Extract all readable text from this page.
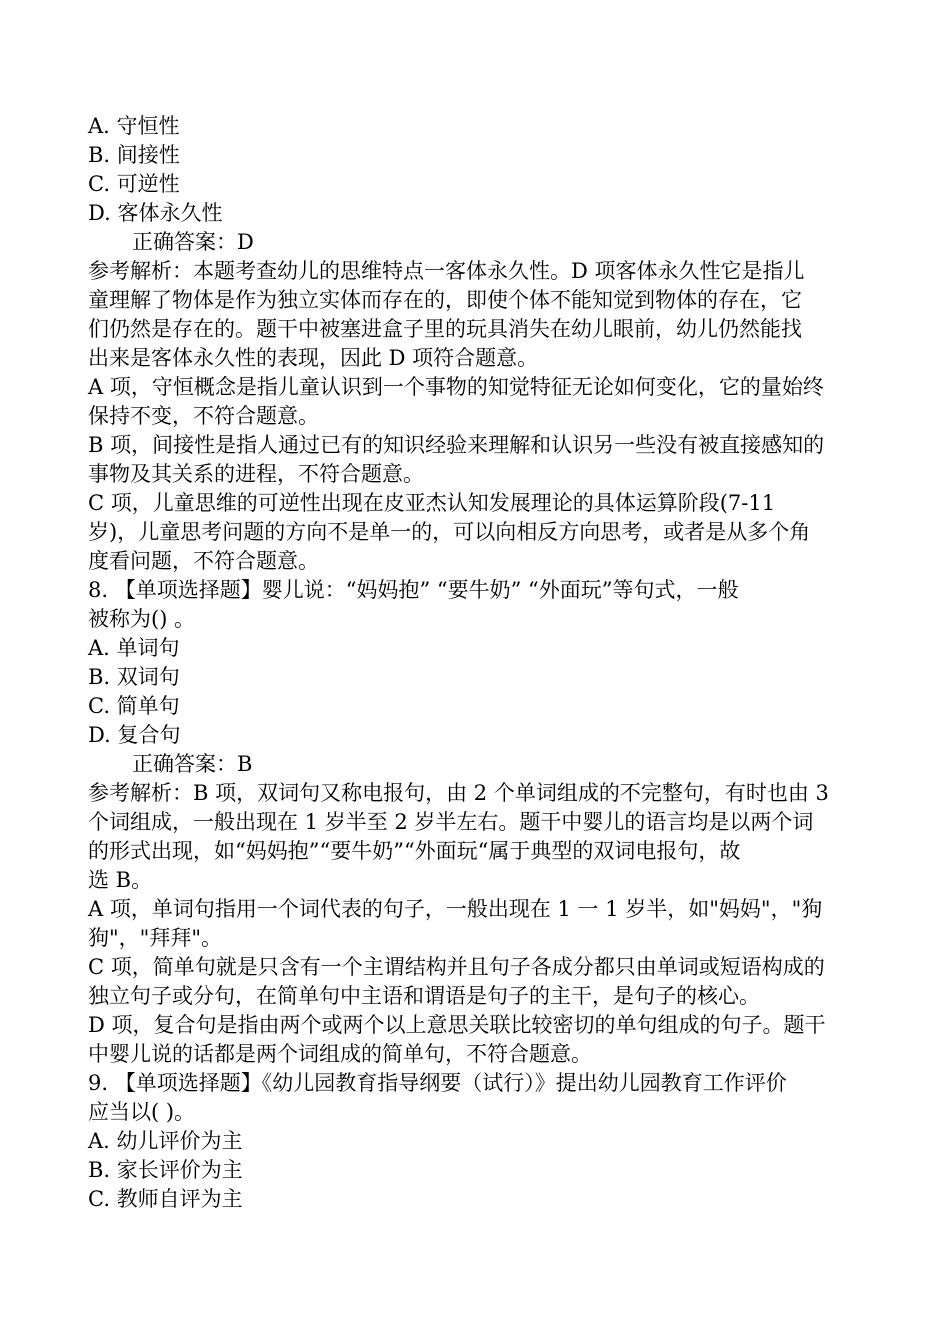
A. 守恒性
B. 间接性
C. 可逆性
D. 客体永久性
正确答案：D
参考解析：本题考查幼儿的思维特点一客体永久性。D 项客体永久性它是指儿
童理解了物体是作为独立实体而存在的，即使个体不能知觉到物体的存在，它
们仍然是存在的。题干中被塞进盒子里的玩具消失在幼儿眼前，幼儿仍然能找
出来是客体永久性的表现，因此 D 项符合题意。
A 项，守恒概念是指儿童认识到一个事物的知觉特征无论如何变化，它的量始终
保持不变，不符合题意。
B 项，间接性是指人通过已有的知识经验来理解和认识另一些没有被直接感知的
事物及其关系的进程，不符合题意。
C 项，儿童思维的可逆性出现在皮亚杰认知发展理论的具体运算阶段(7-11
岁)，儿童思考问题的方向不是单一的，可以向相反方向思考，或者是从多个角
度看问题，不符合题意。
8. 【单项选择题】婴儿说：“妈妈抱” “要牛奶” “外面玩”等句式，一般
被称为() 。
A. 单词句
B. 双词句
C. 简单句
D. 复合句
正确答案：B
参考解析：B 项，双词句又称电报句，由 2 个单词组成的不完整句，有时也由 3
个词组成，一般出现在 1 岁半至 2 岁半左右。题干中婴儿的语言均是以两个词
的形式出现，如“妈妈抱”“要牛奶”“外面玩“属于典型的双词电报句，故
选 B。
A 项，单词句指用一个词代表的句子，一般出现在 1 一 1 岁半，如"妈妈"，"狗
狗"，"拜拜"。
C 项，简单句就是只含有一个主谓结构并且句子各成分都只由单词或短语构成的
独立句子或分句，在简单句中主语和谓语是句子的主干，是句子的核心。
D 项，复合句是指由两个或两个以上意思关联比较密切的单句组成的句子。题干
中婴儿说的话都是两个词组成的简单句，不符合题意。
9. 【单项选择题】《幼儿园教育指导纲要（试行）》提出幼儿园教育工作评价
应当以( )。
A. 幼儿评价为主
B. 家长评价为主
C. 教师自评为主
